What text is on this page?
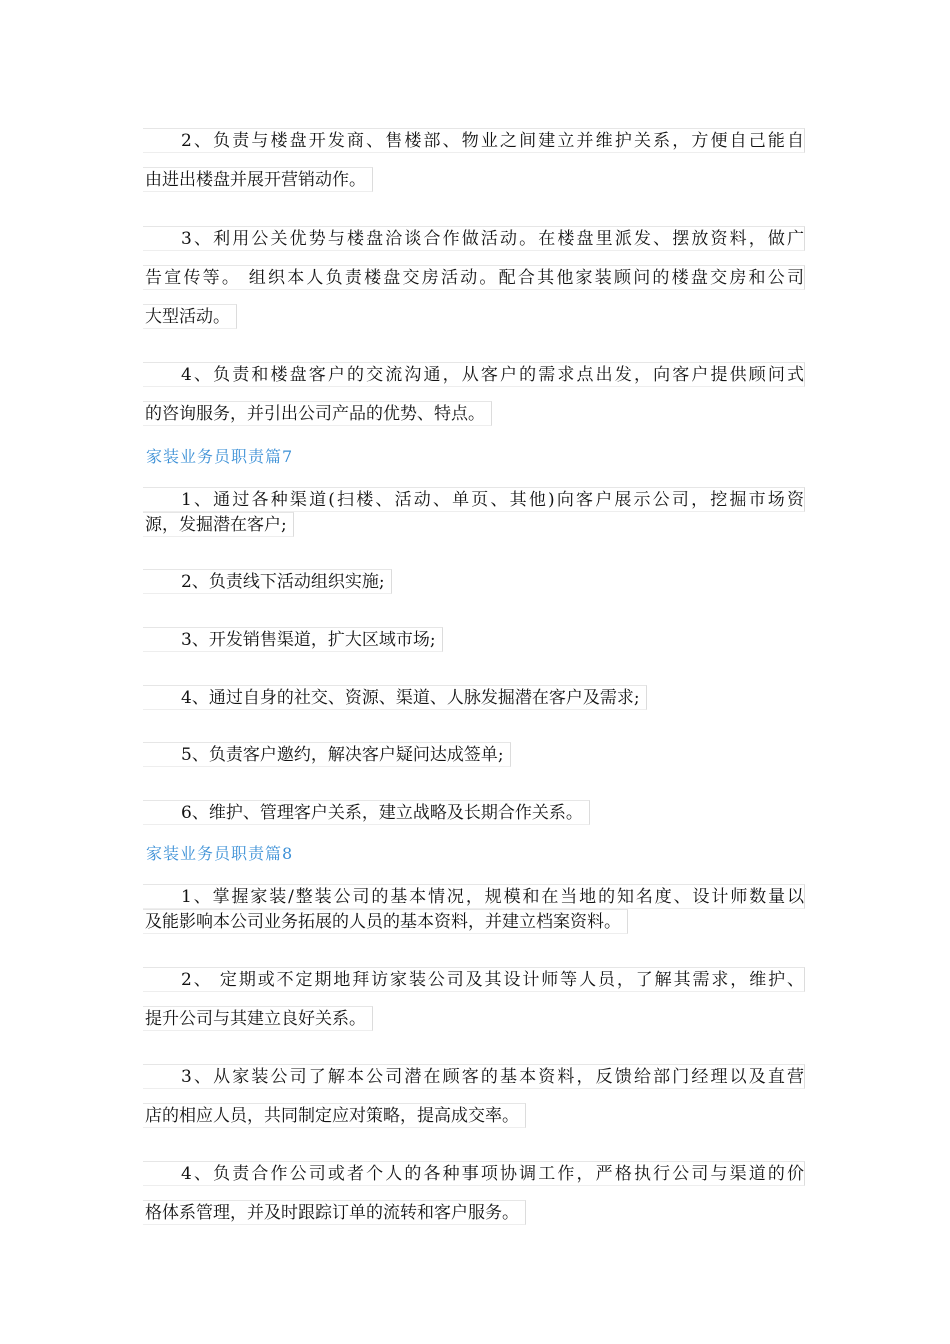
2、负责与楼盘开发商、售楼部、物业之间建立并维护关系，方便自己能自
由进出楼盘并展开营销动作。
3、利用公关优势与楼盘洽谈合作做活动。在楼盘里派发、摆放资料，做广
告宣传等。 组织本人负责楼盘交房活动。配合其他家装顾问的楼盘交房和公司
大型活动。
4、负责和楼盘客户的交流沟通，从客户的需求点出发，向客户提供顾问式
的咨询服务，并引出公司产品的优势、特点。
家装业务员职责篇7
1、通过各种渠道(扫楼、活动、单页、其他)向客户展示公司，挖掘市场资
源，发掘潜在客户;
2、负责线下活动组织实施;
3、开发销售渠道，扩大区域市场;
4、通过自身的社交、资源、渠道、人脉发掘潜在客户及需求;
5、负责客户邀约，解决客户疑问达成签单;
6、维护、管理客户关系，建立战略及长期合作关系。
家装业务员职责篇8
1、掌握家装/整装公司的基本情况，规模和在当地的知名度、设计师数量以
及能影响本公司业务拓展的人员的基本资料，并建立档案资料。
2、 定期或不定期地拜访家装公司及其设计师等人员，了解其需求，维护、
提升公司与其建立良好关系。
3、从家装公司了解本公司潜在顾客的基本资料，反馈给部门经理以及直营
店的相应人员，共同制定应对策略，提高成交率。
4、负责合作公司或者个人的各种事项协调工作，严格执行公司与渠道的价
格体系管理，并及时跟踪订单的流转和客户服务。
